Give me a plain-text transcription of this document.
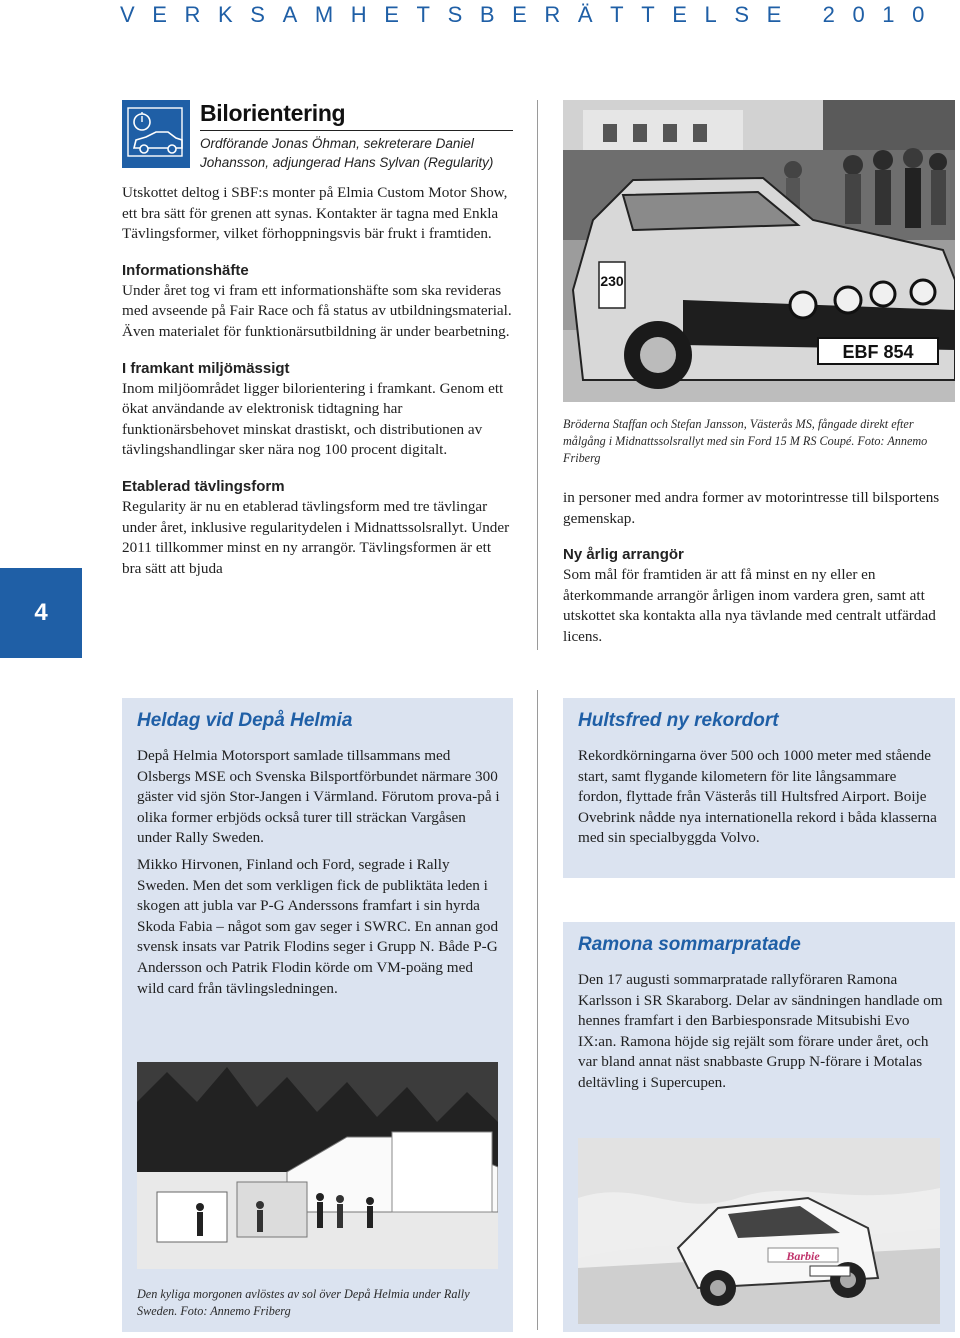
VERKSAMHETSBERÄTTELSE 2010
4
Bilorientering
Ordförande Jonas Öhman, sekreterare Daniel Johansson, adjungerad Hans Sylvan (Regularity)

Utskottet deltog i SBF:s monter på Elmia Custom Motor Show, ett bra sätt för grenen att synas. Kontakter är tagna med Enkla Tävlingsformer, vilket förhoppningsvis bär frukt i framtiden.

Informationshäfte

Under året tog vi fram ett informationshäfte som ska revideras med avseende på Fair Race och få status av utbildningsmaterial. Även materialet för funktionärsutbildning är under bearbetning.

I framkant miljömässigt

Inom miljöområdet ligger bilorientering i framkant. Genom ett ökat användande av elektronisk tidtagning har funktionärsbehovet minskat drastiskt, och distributionen av tävlingshandlingar sker nära nog 100 procent digitalt.

Etablerad tävlingsform

Regularity är nu en etablerad tävlingsform med tre tävlingar under året, inklusive regularitydelen i Midnattssolsrallyt. Under 2011 tillkommer minst en ny arrangör. Tävlingsformen är ett bra sätt att bjuda

230
EBF 854
Bröderna Staffan och Stefan Jansson, Västerås MS, fångade direkt efter målgång i Midnattssolsrallyt med sin Ford 15 M RS Coupé. Foto: Annemo Friberg

in personer med andra former av motorintresse till bilsportens gemenskap.

Ny årlig arrangör

Som mål för framtiden är att få minst en ny eller en återkommande arrangör årligen inom vardera gren, samt att utskottet ska kontakta alla nya tävlande med centralt utfärdad licens.

Heldag vid Depå Helmia

Depå Helmia Motorsport samlade tillsammans med Olsbergs MSE och Svenska Bilsportförbundet närmare 300 gäster vid sjön Stor-Jangen i Värmland. Förutom prova-på i olika former erbjöds också turer till sträckan Vargåsen under Rally Sweden.

Mikko Hirvonen, Finland och Ford, segrade i Rally Sweden. Men det som verkligen fick de publiktäta leden i skogen att jubla var P-G Anderssons framfart i sin hyrda Skoda Fabia – något som gav seger i SWRC. En annan god svensk insats var Patrik Flodins seger i Grupp N. Både P-G Andersson och Patrik Flodin körde om VM-poäng med wild card från tävlingsledningen.

Den kyliga morgonen avlöstes av sol över Depå Helmia under Rally Sweden. Foto: Annemo Friberg

Hultsfred ny rekordort

Rekordkörningarna över 500 och 1000 meter med stående start, samt flygande kilometern för lite långsammare fordon, flyttade från Västerås till Hultsfred Airport. Boije Ovebrink nådde nya internationella rekord i båda klasserna med sin specialbyggda Volvo.

Ramona sommarpratade

Den 17 augusti sommarpratade rallyföraren Ramona Karlsson i SR Skaraborg. Delar av sändningen handlade om hennes framfart i den Barbiesponsrade Mitsubishi Evo IX:an. Ramona höjde sig rejält som förare under året, och var bland annat näst snabbaste Grupp N-förare i Motalas deltävling i Supercupen.

Barbie
